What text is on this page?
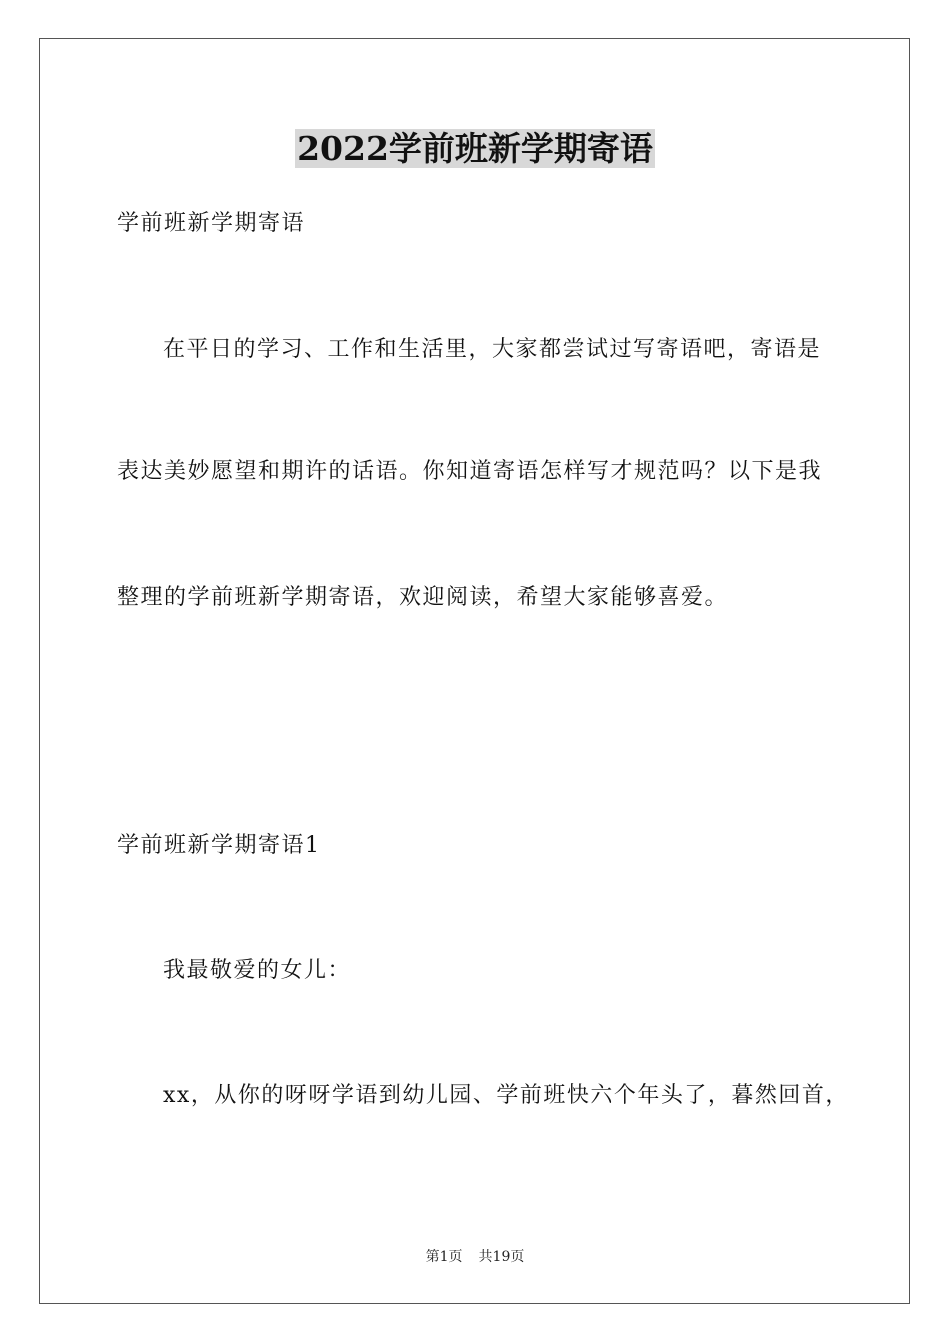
2022学前班新学期寄语
学前班新学期寄语
在平日的学习、工作和生活里，大家都尝试过写寄语吧，寄语是
表达美妙愿望和期许的话语。你知道寄语怎样写才规范吗？以下是我
整理的学前班新学期寄语，欢迎阅读，希望大家能够喜爱。
学前班新学期寄语1
我最敬爱的女儿：
xx，从你的呀呀学语到幼儿园、学前班快六个年头了，暮然回首，
第1页 共19页
